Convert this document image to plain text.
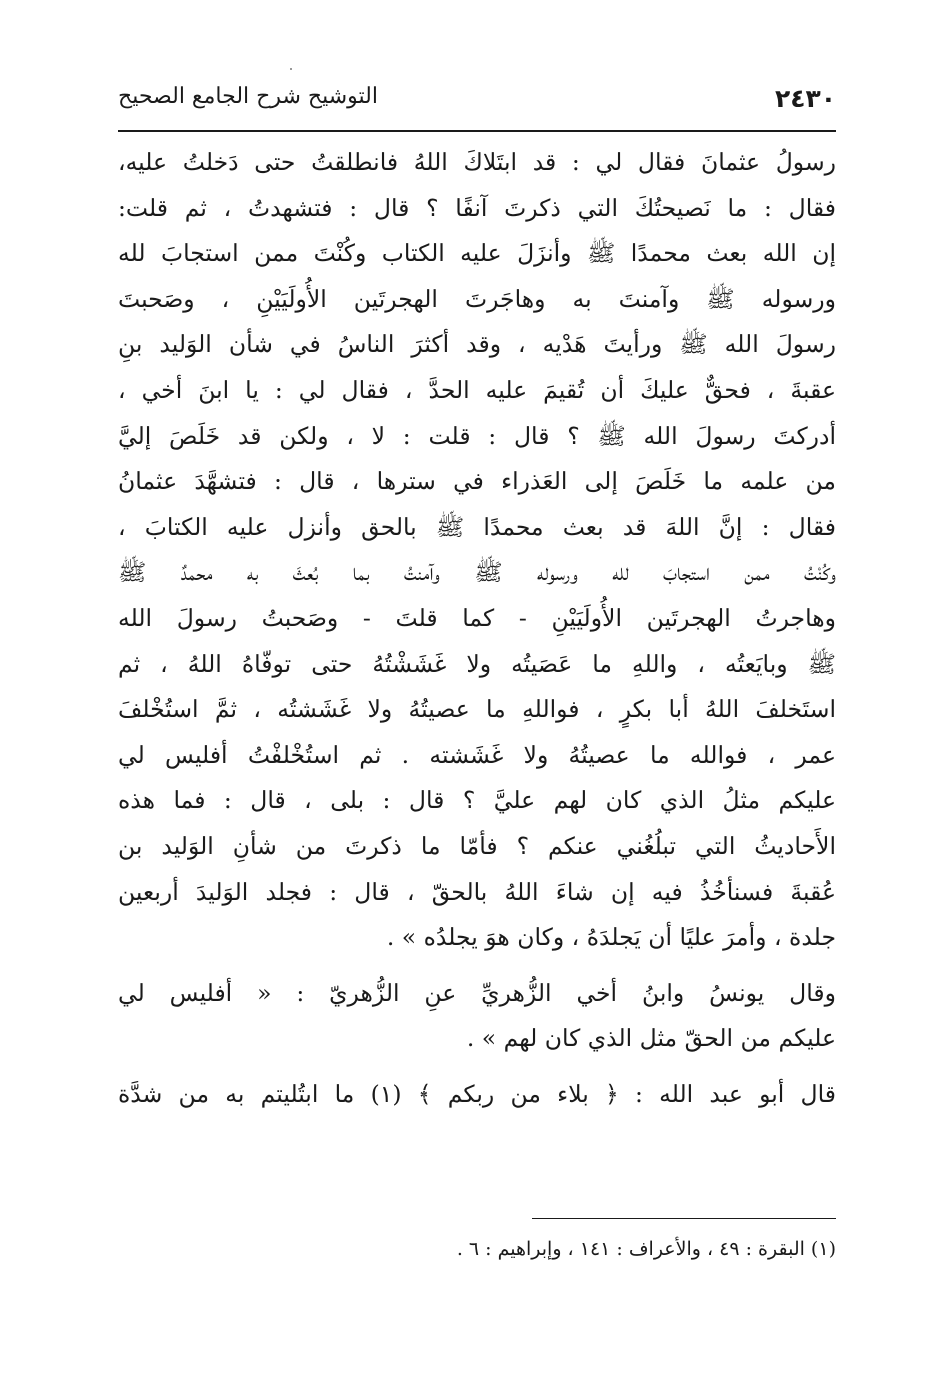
٢٤٣٠
التوشيح شرح الجامع الصحيح
رسولُ عثمانَ فقال لي : قد ابتَلاكَ اللهُ فانطلقتُ حتى دَخلتُ عليه،
فقال : ما نَصيحتُكَ التي ذكرتَ آنفًا ؟ قال : فتشهدتُ ، ثم قلت:
إن الله بعث محمدًا ﷺ وأنزَلَ عليه الكتاب وكُنْتَ ممن استجابَ لله
ورسوله ﷺ وآمنتَ به وهاجَرتَ الهجرتَين الأُولَيَيْنِ ، وصَحبتَ
رسولَ الله ﷺ ورأيتَ هَدْيه ، وقد أكثرَ الناسُ في شأن الوَليد بنِ
عقبةَ ، فحقٌّ عليكَ أن تُقيمَ عليه الحدَّ ، فقال لي : يا ابنَ أخي ،
أدركتَ رسولَ الله ﷺ ؟ قال : قلت : لا ، ولكن قد خَلَصَ إليَّ
من علمه ما خَلَصَ إلى العَذراء في سترها ، قال : فتشهَّدَ عثمانُ
فقال : إنَّ اللهَ قد بعث محمدًا ﷺ بالحق وأنزل عليه الكتابَ ،
وكُنْتُ ممن استجابَ لله ورسوله ﷺ وآمنتُ بما بُعثَ به محمدٌ ﷺ
وهاجرتُ الهجرتَين الأُولَيَيْنِ - كما قلتَ - وصَحبتُ رسولَ الله
ﷺ وبايَعتُه ، واللهِ ما عَصَيتُه ولا غَشَشْتُهُ حتى توفّاهُ اللهُ ، ثم
استَخلفَ اللهُ أبا بكرٍ ، فواللهِ ما عصيتُهُ ولا غَشَشتُه ، ثمَّ استُخْلفَ
عمر ، فوالله ما عصيتُهُ ولا غَشَشته . ثم استُخْلفْتُ أفليس لي
عليكم مثلُ الذي كان لهم عليَّ ؟ قال : بلى ، قال : فما هذه
الأَحاديثُ التي تبلُغُني عنكم ؟ فأمّا ما ذكرتَ من شأنِ الوَليد بن
عُقبةَ فسنأخُذُ فيه إن شاءَ اللهُ بالحقّ ، قال : فجلد الوَليدَ أربعين
جلدة ، وأمرَ عليًا أن يَجلدَهُ ، وكان هوَ يجلدُه » .
وقال يونسُ وابنُ أخي الزُّهريِّ عنِ الزُّهريّ : « أفليس لي
عليكم من الحقّ مثل الذي كان لهم » .
قال أبو عبد الله : ﴿ بلاء من ربكم ﴾ (١) ما ابتُليتم به من شدَّة
(١) البقرة : ٤٩ ، والأعراف : ١٤١ ، وإبراهيم : ٦ .
